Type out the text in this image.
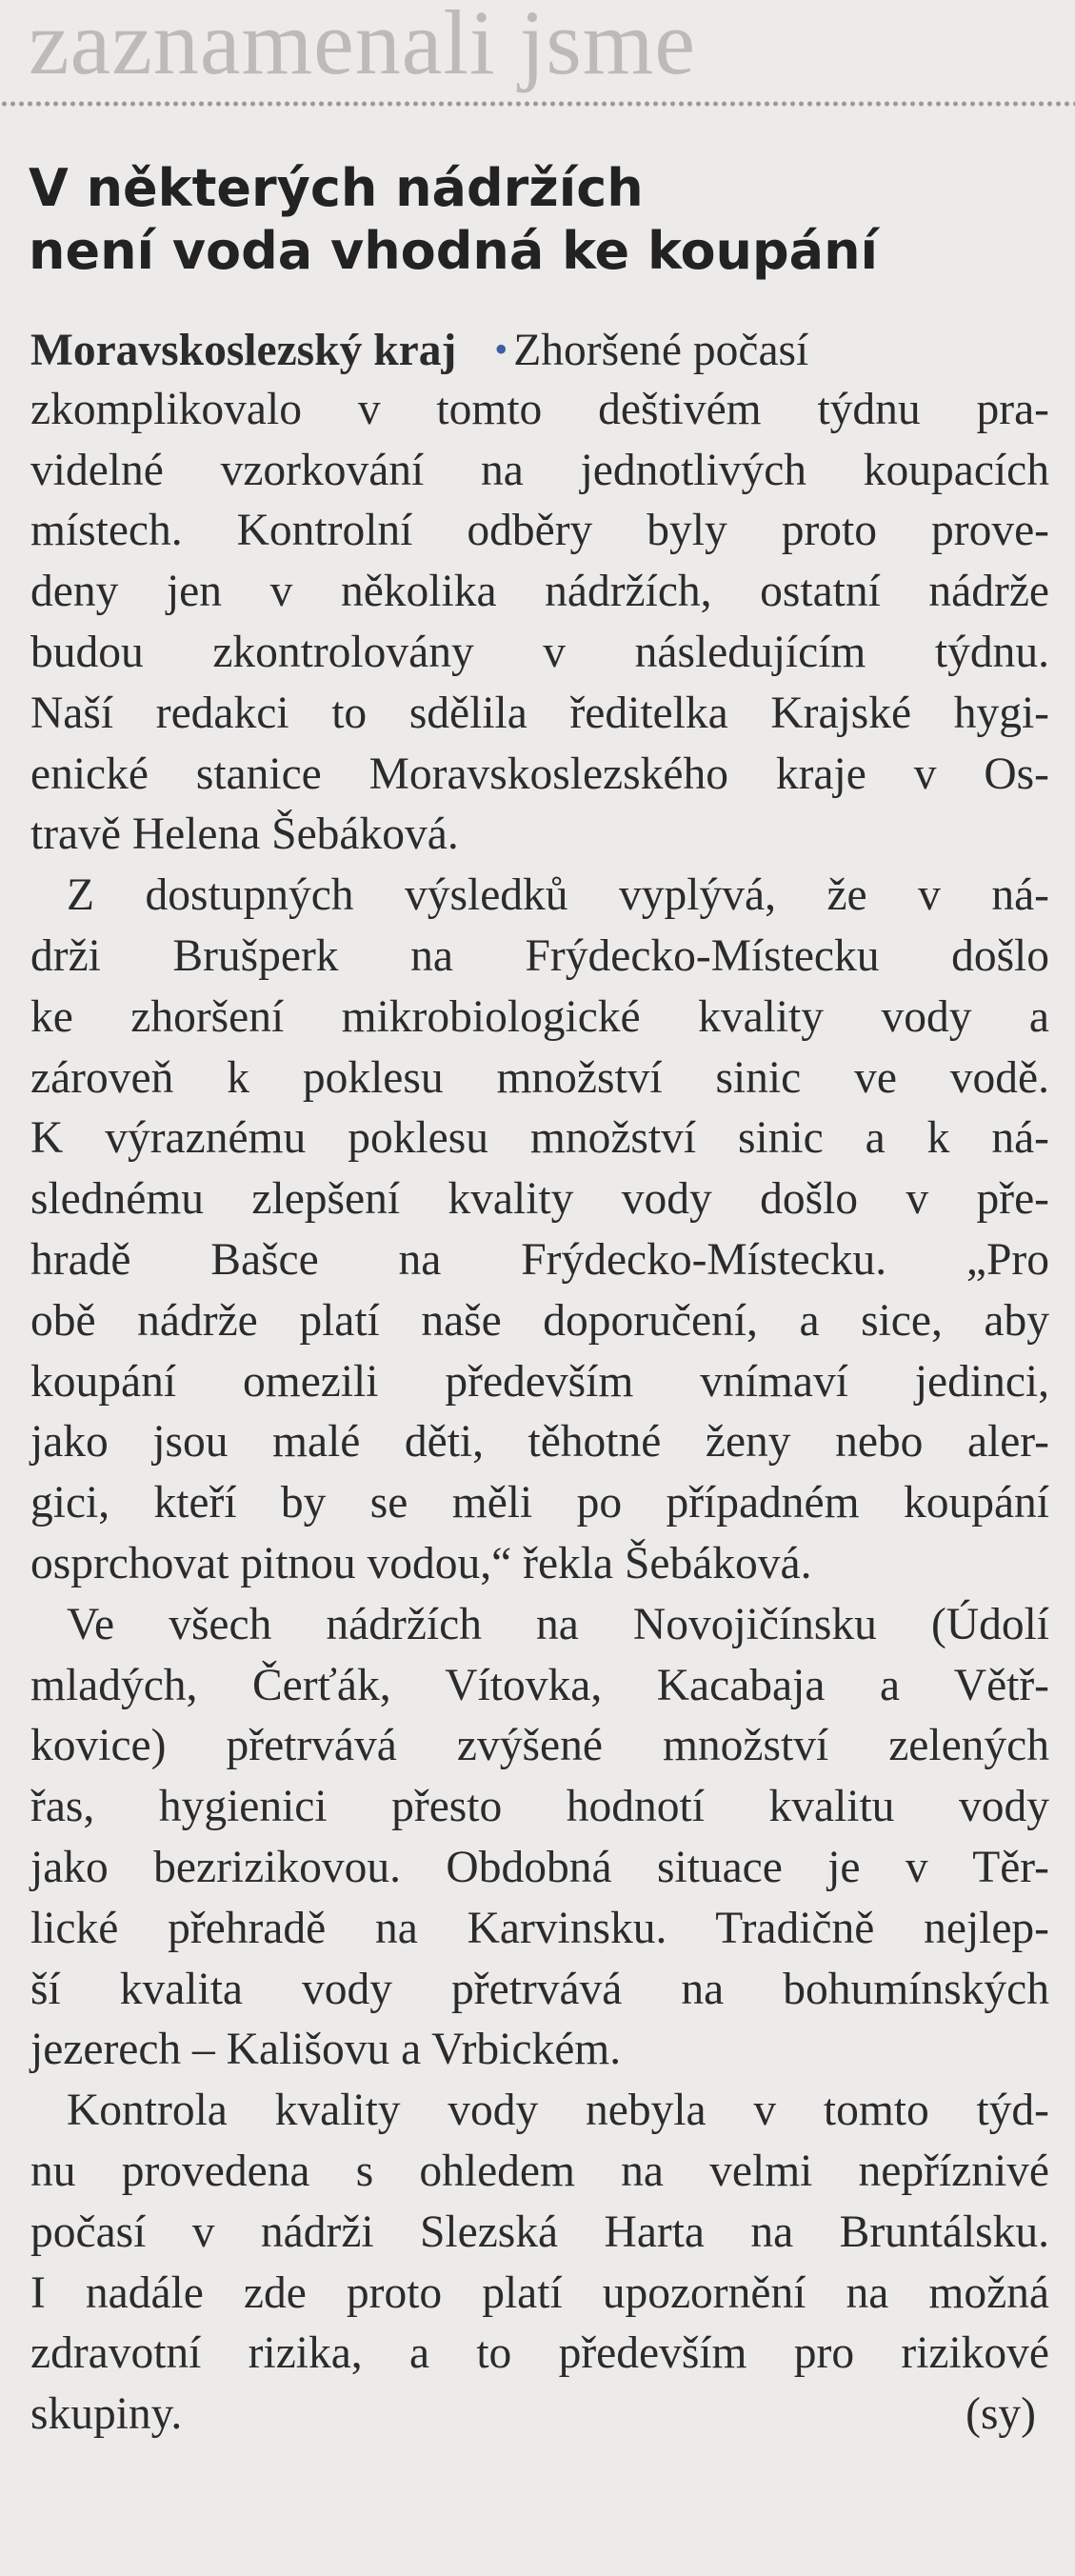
zaznamenali jsme
V některých nádržích
není voda vhodná ke koupání
Moravskoslezský kraj • Zhoršené počasí
zkomplikovalo v tomto deštivém týdnu pra-
videlné vzorkování na jednotlivých koupacích
místech. Kontrolní odběry byly proto prove-
deny jen v několika nádržích, ostatní nádrže
budou zkontrolovány v následujícím týdnu.
Naší redakci to sdělila ředitelka Krajské hygi-
enické stanice Moravskoslezského kraje v Os-
travě Helena Šebáková.
Z dostupných výsledků vyplývá, že v ná-
drži Brušperk na Frýdecko-Místecku došlo
ke zhoršení mikrobiologické kvality vody a
zároveň k poklesu množství sinic ve vodě.
K výraznému poklesu množství sinic a k ná-
slednému zlepšení kvality vody došlo v pře-
hradě Bašce na Frýdecko-Místecku. „Pro
obě nádrže platí naše doporučení, a sice, aby
koupání omezili především vnímaví jedinci,
jako jsou malé děti, těhotné ženy nebo aler-
gici, kteří by se měli po případném koupání
osprchovat pitnou vodou,“ řekla Šebáková.
Ve všech nádržích na Novojičínsku (Údolí
mladých, Čerťák, Vítovka, Kacabaja a Větř-
kovice) přetrvává zvýšené množství zelených
řas, hygienici přesto hodnotí kvalitu vody
jako bezrizikovou. Obdobná situace je v Těr-
lické přehradě na Karvinsku. Tradičně nejlep-
ší kvalita vody přetrvává na bohumínských
jezerech – Kališovu a Vrbickém.
Kontrola kvality vody nebyla v tomto týd-
nu provedena s ohledem na velmi nepříznivé
počasí v nádrži Slezská Harta na Bruntálsku.
I nadále zde proto platí upozornění na možná
zdravotní rizika, a to především pro rizikové
skupiny.	(sy)
